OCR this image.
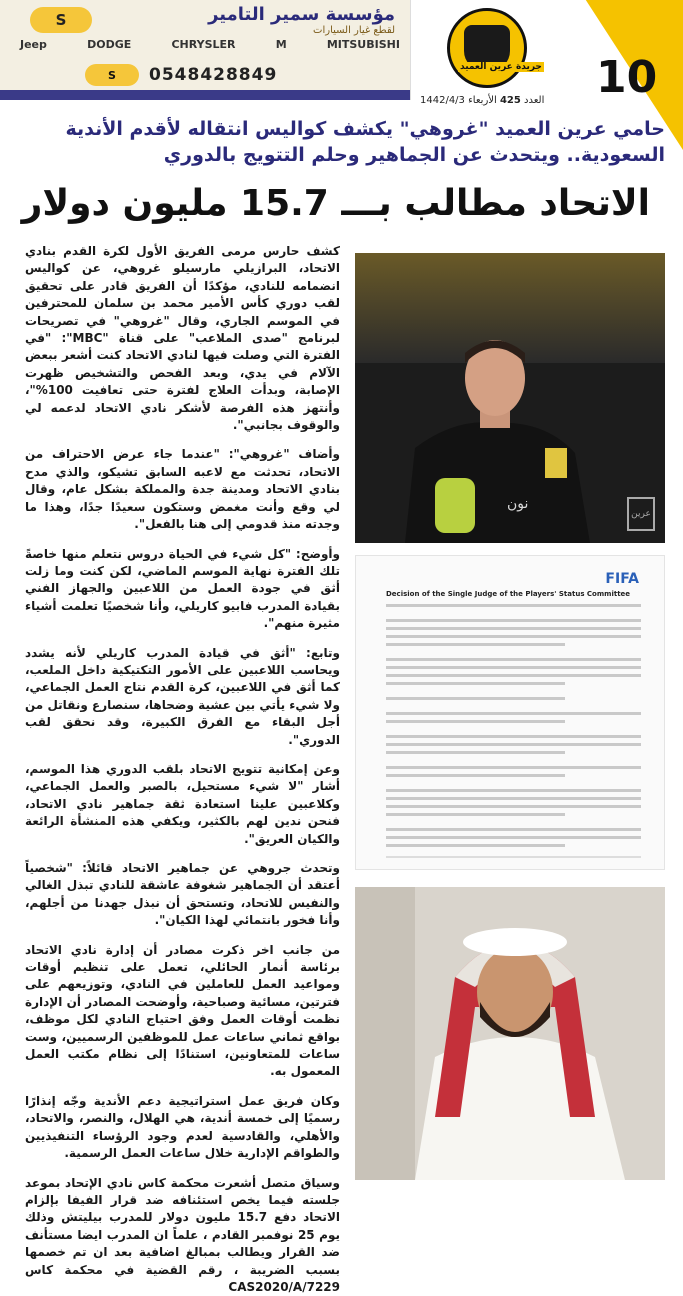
S	مؤسسة سمير التامير
لقطع غيار السيارات
Jeep	DODGE	CHRYSLER	M	MITSUBISHI
S	0548428849	10
جريدة عرين العميد
العدد 425 الأربعاء 1442/4/3
حامي عرين العميد "غروهي" يكشف كواليس انتقاله لأقدم الأندية السعودية.. ويتحدث عن الجماهير وحلم التتويج بالدوري
الاتحاد مطالب بـــ 15.7 مليون دولار

كشف حارس مرمى الفريق الأول لكرة القدم بنادي الاتحاد، البرازيلي مارسيلو غروهي، عن كواليس انضمامه للنادي، مؤكدًا أن الفريق قادر على تحقيق لقب دوري كأس الأمير محمد بن سلمان للمحترفين في الموسم الجاري، وقال "غروهي" في تصريحات لبرنامج "صدى الملاعب" على قناة "MBC": "في الفترة التي وصلت فيها لنادي الاتحاد كنت أشعر ببعض الآلام في يدي، وبعد الفحص والتشخيص ظهرت الإصابة، وبدأت العلاج لفترة حتى تعافيت 100%"، وأنتهز هذه الفرصة لأشكر نادي الاتحاد لدعمه لي والوقوف بجانبي".

وأضاف "غروهي": "عندما جاء عرض الاحتراف من الاتحاد، تحدثت مع لاعبه السابق تشيكو، والذي مدح بنادي الاتحاد ومدينة جدة والمملكة بشكل عام، وقال لي وقع وأنت مغمض وستكون سعيدًا جدًا، وهذا ما وجدته منذ قدومي إلى هنا بالفعل".

وأوضح: "كل شيء في الحياة دروس نتعلم منها خاصةً تلك الفترة نهاية الموسم الماضي، لكن كنت وما زلت أثق في جودة العمل من اللاعبين والجهاز الفني بقيادة المدرب فابيو كاريلي، وأنا شخصيًا تعلمت أشياء مثيرة منهم".

وتابع: "أثق في قيادة المدرب كاريلي لأنه يشدد ويحاسب اللاعبين على الأمور التكتيكية داخل الملعب، كما أثق في اللاعبين، كرة القدم نتاج العمل الجماعي، ولا شيء يأتي بين عشية وضحاها، سنصارع ونقاتل من أجل البقاء مع الفرق الكبيرة، وقد نحقق لقب الدوري".

وعن إمكانية تتويج الاتحاد بلقب الدوري هذا الموسم، أشار "لا شيء مستحيل، بالصبر والعمل الجماعي، وكلاعبين علينا استعادة ثقة جماهير نادي الاتحاد، فنحن ندين لهم بالكثير، ويكفي هذه المنشأة الرائعة والكيان العريق".

وتحدث جروهي عن جماهير الاتحاد قائلاً: "شخصياً أعتقد أن الجماهير شغوفة عاشقة للنادي تبذل الغالي والنفيس للاتحاد، وتستحق أن نبذل جهدنا من أجلهم، وأنا فخور بانتمائي لهذا الكيان".

من جانب اخر ذكرت مصادر أن إدارة نادي الاتحاد برئاسة أنمار الحائلي، تعمل على تنظيم أوقات ومواعيد العمل للعاملين في النادي، وتوزيعهم على فترتين، مسائية وصباحية، وأوضحت المصادر أن الإدارة نظمت أوقات العمل وفق احتياج النادي لكل موظف، بواقع ثماني ساعات عمل للموظفين الرسميين، وست ساعات للمتعاونين، استنادًا إلى نظام مكتب العمل المعمول به.

وكان فريق عمل استراتيجية دعم الأندية وجّه إنذارًا رسميًا إلى خمسة أندية، هي الهلال، والنصر، والاتحاد، والأهلي، والقادسية لعدم وجود الرؤساء التنفيذيين والطواقم الإدارية خلال ساعات العمل الرسمية.

وسياق متصل أشعرت محكمة كاس نادي الإتحاد بموعد جلسته فيما يخص استئنافه ضد قرار الفيفا بإلزام الاتحاد دفع 15.7 مليون دولار للمدرب بيليتش وذلك يوم 25 نوفمبر القادم ، علماً ان المدرب ايضا مستأنف ضد القرار ويطالب بمبالغ اضافية بعد ان تم خصمها بسبب الضريبة ، رقم القضية في محكمة كاس CAS2020/A/7229

نون
عرين
FIFA
Decision of the Single Judge of the Players' Status Committee
